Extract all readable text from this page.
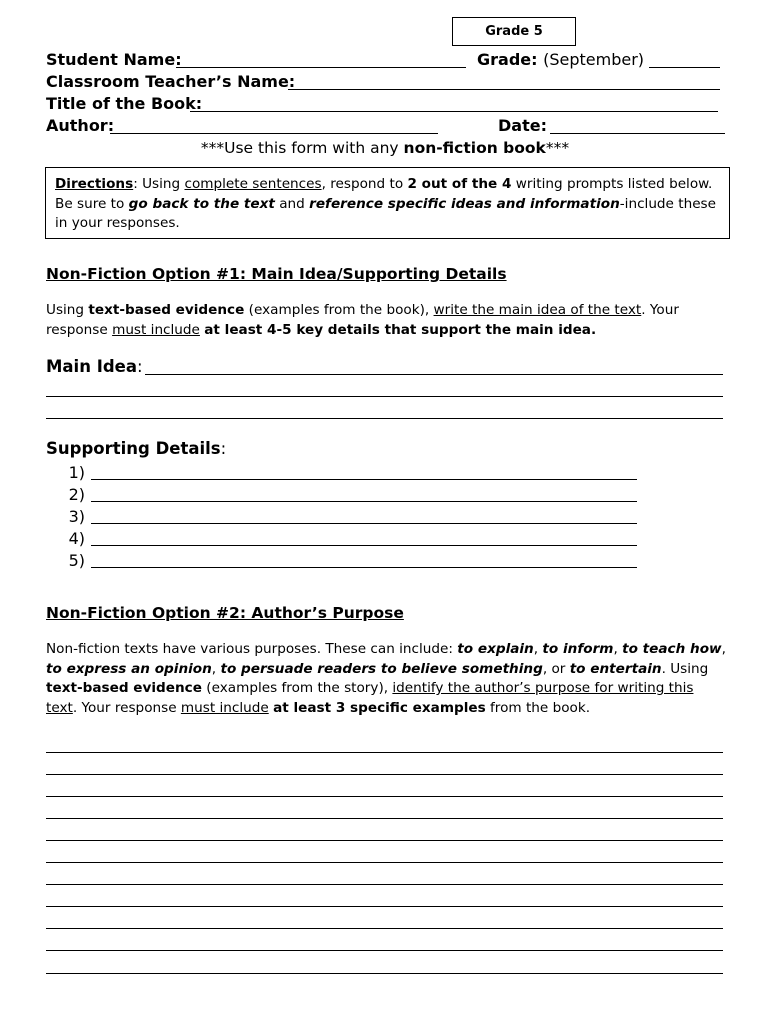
Grade 5
Student Name:	Grade: (September)
Classroom Teacher’s Name:
Title of the Book:
Author:	Date:
***Use this form with any non-fiction book***
Directions: Using complete sentences, respond to 2 out of the 4 writing prompts listed below. Be sure to go back to the text and reference specific ideas and information-include these in your responses.
Non-Fiction Option #1: Main Idea/Supporting Details
Using text-based evidence (examples from the book), write the main idea of the text. Your response must include at least 4-5 key details that support the main idea.
Main Idea:
Supporting Details:
1)
2)
3)
4)
5)
Non-Fiction Option #2: Author’s Purpose
Non-fiction texts have various purposes. These can include: to explain, to inform, to teach how, to express an opinion, to persuade readers to believe something, or to entertain. Using text-based evidence (examples from the story), identify the author’s purpose for writing this text. Your response must include at least 3 specific examples from the book.
